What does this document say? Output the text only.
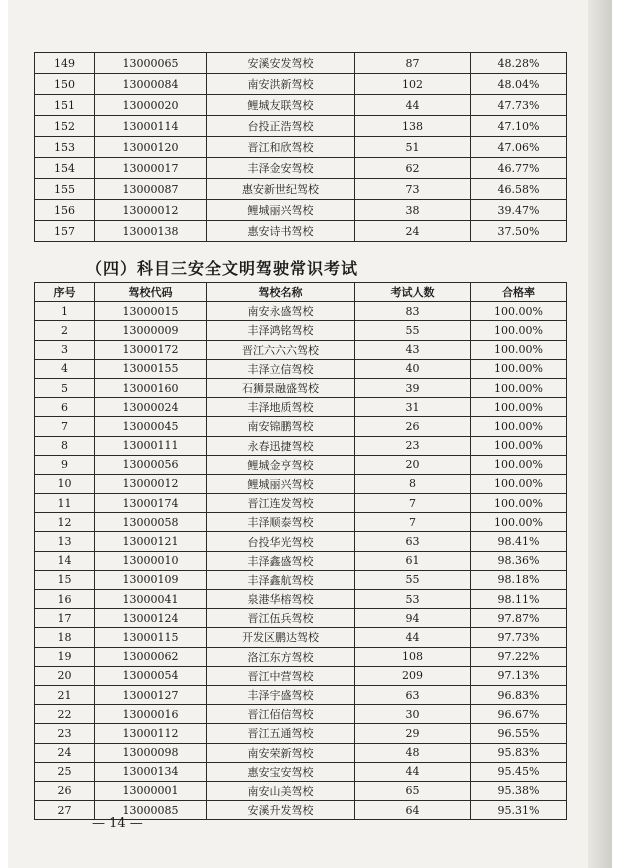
149	13000065	安溪安发驾校	87	48.28%
150	13000084	南安洪新驾校	102	48.04%
151	13000020	鲤城友联驾校	44	47.73%
152	13000114	台投正浩驾校	138	47.10%
153	13000120	晋江和欣驾校	51	47.06%
154	13000017	丰泽金安驾校	62	46.77%
155	13000087	惠安新世纪驾校	73	46.58%
156	13000012	鲤城丽兴驾校	38	39.47%
157	13000138	惠安诗书驾校	24	37.50%
（四）科目三安全文明驾驶常识考试
序号	驾校代码	驾校名称	考试人数	合格率
1	13000015	南安永盛驾校	83	100.00%
2	13000009	丰泽鸿铭驾校	55	100.00%
3	13000172	晋江六六六驾校	43	100.00%
4	13000155	丰泽立信驾校	40	100.00%
5	13000160	石狮景融盛驾校	39	100.00%
6	13000024	丰泽地质驾校	31	100.00%
7	13000045	南安锦鹏驾校	26	100.00%
8	13000111	永春迅捷驾校	23	100.00%
9	13000056	鲤城金亨驾校	20	100.00%
10	13000012	鲤城丽兴驾校	8	100.00%
11	13000174	晋江连发驾校	7	100.00%
12	13000058	丰泽顺泰驾校	7	100.00%
13	13000121	台投华光驾校	63	98.41%
14	13000010	丰泽鑫盛驾校	61	98.36%
15	13000109	丰泽鑫航驾校	55	98.18%
16	13000041	泉港华榕驾校	53	98.11%
17	13000124	晋江伍兵驾校	94	97.87%
18	13000115	开发区鹏达驾校	44	97.73%
19	13000062	洛江东方驾校	108	97.22%
20	13000054	晋江中营驾校	209	97.13%
21	13000127	丰泽宇盛驾校	63	96.83%
22	13000016	晋江佰信驾校	30	96.67%
23	13000112	晋江五通驾校	29	96.55%
24	13000098	南安荣新驾校	48	95.83%
25	13000134	惠安宝安驾校	44	95.45%
26	13000001	南安山美驾校	65	95.38%
27	13000085	安溪升发驾校	64	95.31%
— 14 —
